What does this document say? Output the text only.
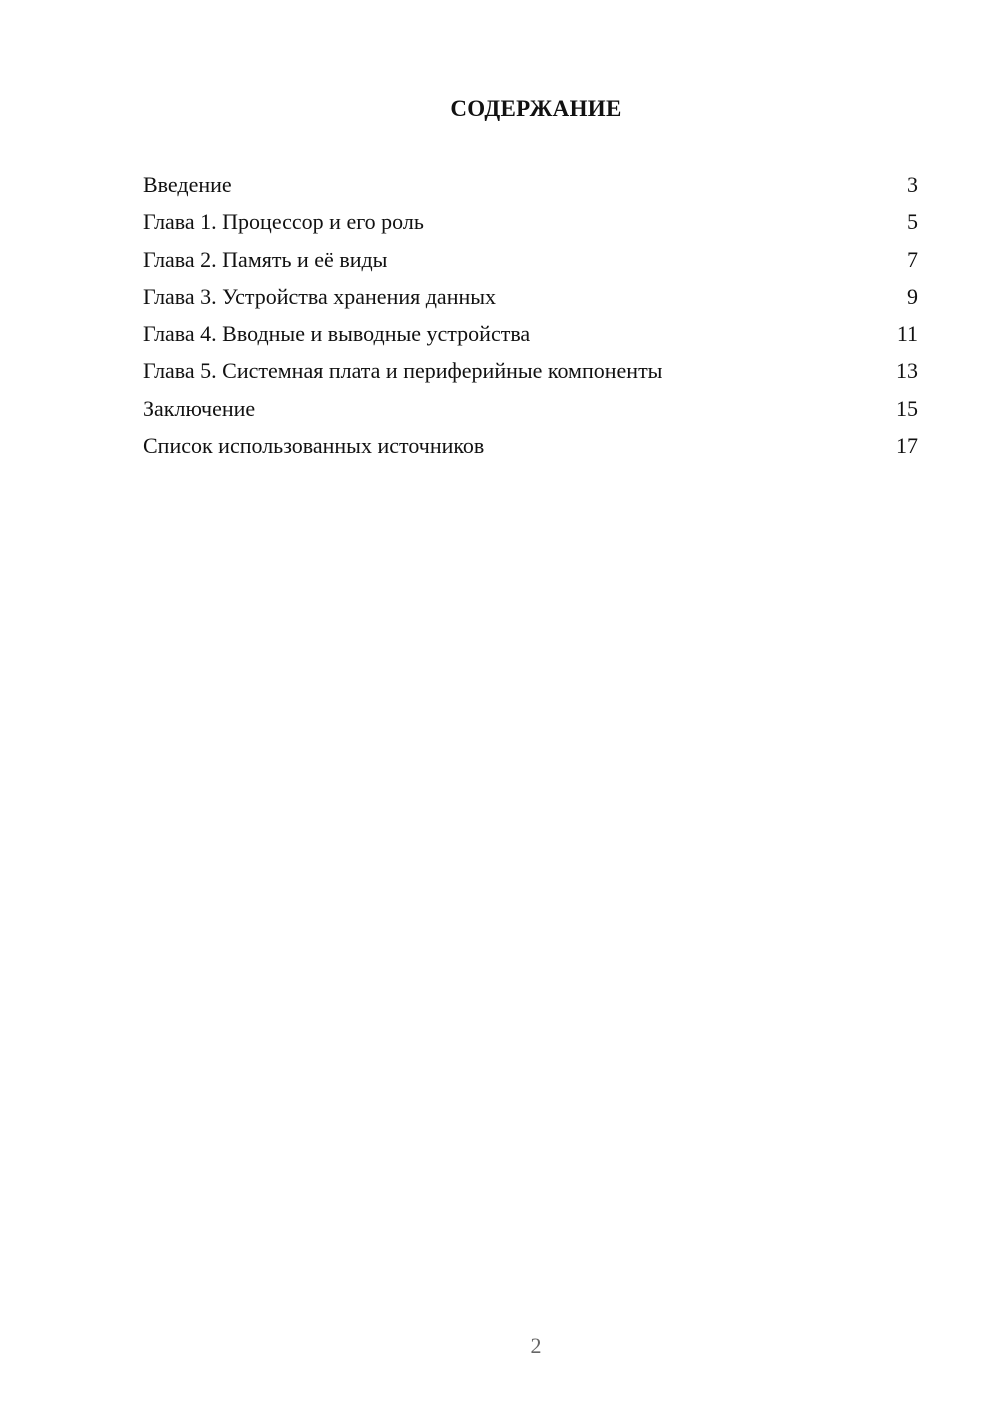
СОДЕРЖАНИЕ
Введение	3
Глава 1. Процессор и его роль	5
Глава 2. Память и её виды	7
Глава 3. Устройства хранения данных	9
Глава 4. Вводные и выводные устройства	11
Глава 5. Системная плата и периферийные компоненты	13
Заключение	15
Список использованных источников	17
2
